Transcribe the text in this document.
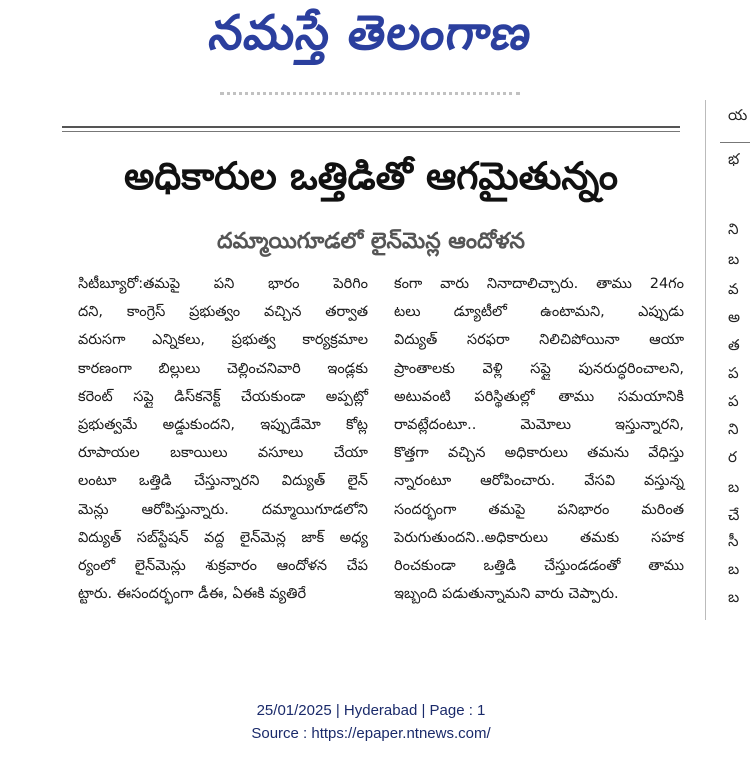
నమస్తే తెలంగాణ
య
భ
ని
బ
వ
అ
త
ప
ప
ని
ర
బ
చే
సీ
బ
బ
అధికారుల ఒత్తిడితో ఆగమైతున్నం
దమ్మాయిగూడలో లైన్‌మెన్ల ఆందోళన
సిటీబ్యూరో:తమపై పని భారం పెరిగిం
దని, కాంగ్రెస్ ప్రభుత్వం వచ్చిన తర్వాత
వరుసగా ఎన్నికలు, ప్రభుత్వ కార్యక్రమాల
కారణంగా బిల్లులు చెల్లించనివారి ఇండ్లకు
కరెంట్ సప్లై డిస్‌కనెక్ట్ చేయకుండా అప్పట్లో
ప్రభుత్వమే అడ్డుకుందని, ఇప్పుడేమో కోట్ల
రూపాయల బకాయిలు వసూలు చేయా
లంటూ ఒత్తిడి చేస్తున్నారని విద్యుత్ లైన్
మెన్లు ఆరోపిస్తున్నారు. దమ్మాయిగూడలోని
విద్యుత్ సబ్‌స్టేషన్ వద్ద లైన్‌మెన్ల జాక్ అధ్య
ర్యంలో లైన్‌మెన్లు శుక్రవారం ఆందోళన చేప
ట్టారు. ఈసందర్భంగా డీఈ, ఏఈకి వ్యతిరే
కంగా వారు నినాదాలిచ్చారు. తాము 24గం
టలు డ్యూటీలో ఉంటామని, ఎప్పుడు
విద్యుత్ సరఫరా నిలిచిపోయినా ఆయా
ప్రాంతాలకు వెళ్లి సప్లై పునరుద్ధరించాలని,
అటువంటి పరిస్థితుల్లో తాము సమయానికి
రావట్లేదంటూ.. మెమోలు ఇస్తున్నారని,
కొత్తగా వచ్చిన అధికారులు తమను వేధిస్తు
న్నారంటూ ఆరోపించారు. వేసవి వస్తున్న
సందర్భంగా తమపై పనిభారం మరింత
పెరుగుతుందని..అధికారులు తమకు సహక
రించకుండా ఒత్తిడి చేస్తుండడంతో తాము
ఇబ్బంది పడుతున్నామని వారు చెప్పారు.
25/01/2025 | Hyderabad | Page : 1
Source : https://epaper.ntnews.com/
